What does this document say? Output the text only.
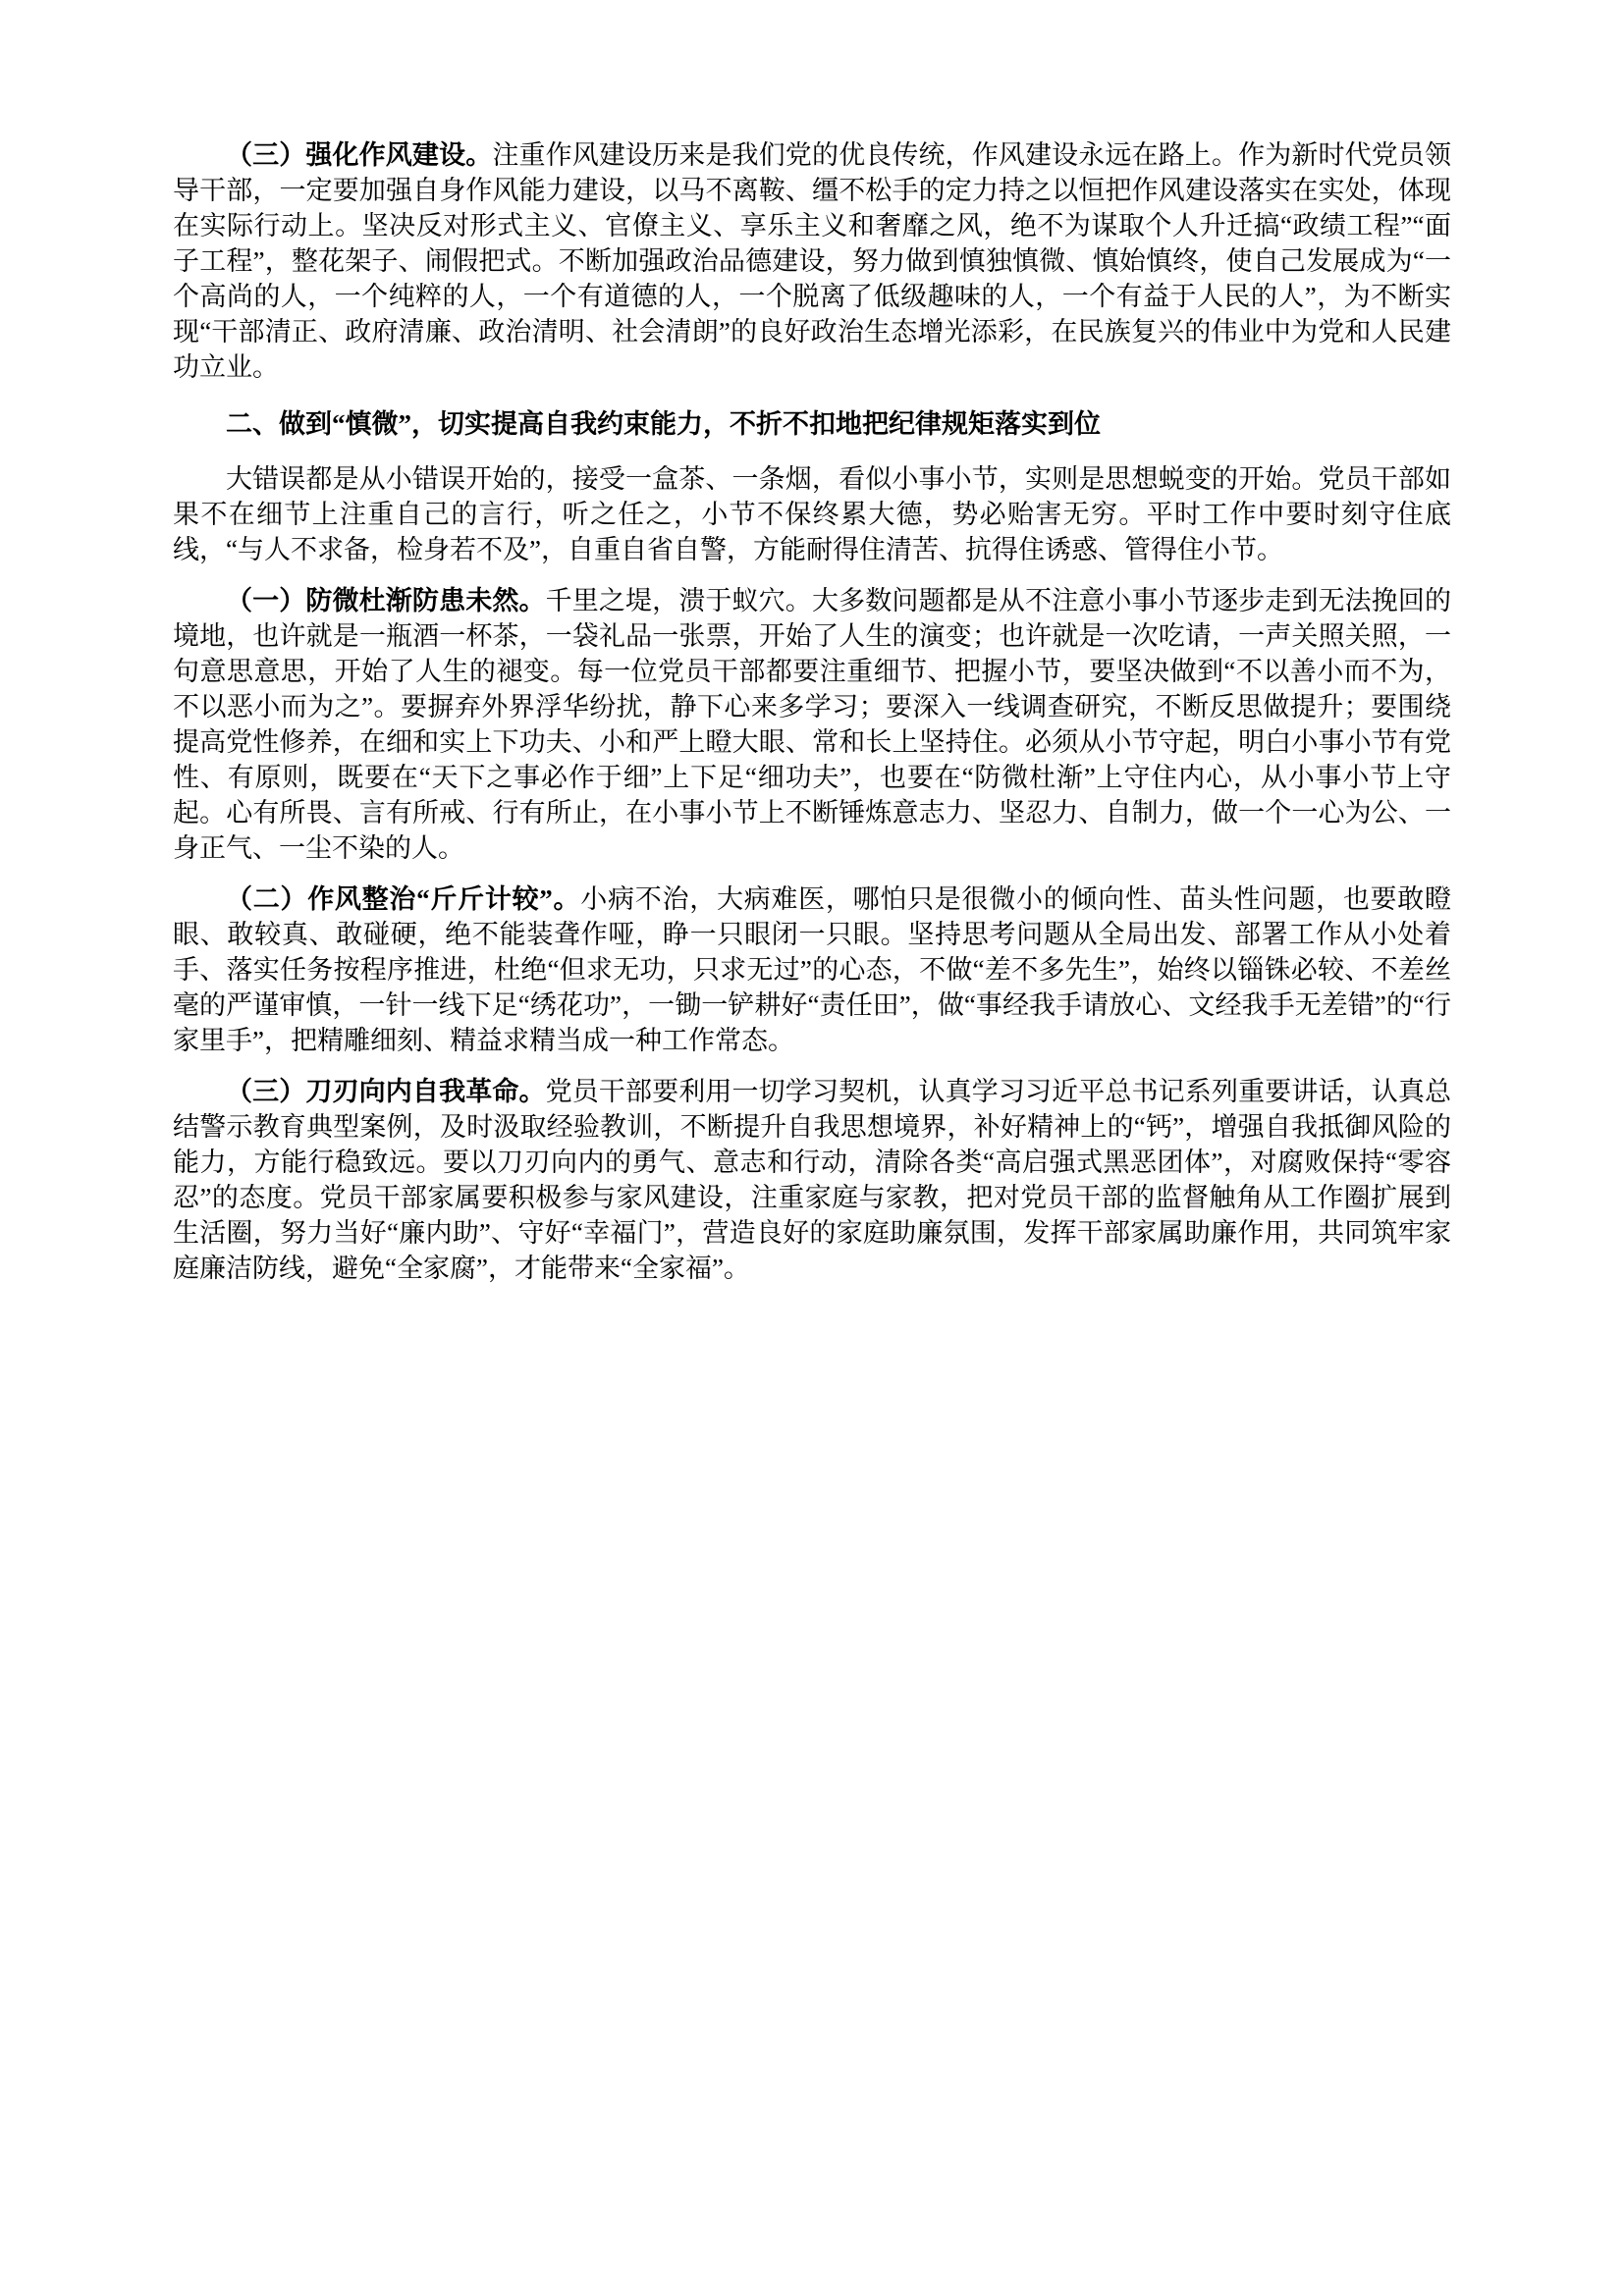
（三）强化作风建设。注重作风建设历来是我们党的优良传统，作风建设永远在路上。作为新时代党员领导干部，一定要加强自身作风能力建设，以马不离鞍、缰不松手的定力持之以恒把作风建设落实在实处，体现在实际行动上。坚决反对形式主义、官僚主义、享乐主义和奢靡之风，绝不为谋取个人升迁搞“政绩工程”“面子工程”，整花架子、闹假把式。不断加强政治品德建设，努力做到慎独慎微、慎始慎终，使自己发展成为“一个高尚的人，一个纯粹的人，一个有道德的人，一个脱离了低级趣味的人，一个有益于人民的人”，为不断实现“干部清正、政府清廉、政治清明、社会清朗”的良好政治生态增光添彩，在民族复兴的伟业中为党和人民建功立业。

二、做到“慎微”，切实提高自我约束能力，不折不扣地把纪律规矩落实到位

大错误都是从小错误开始的，接受一盒茶、一条烟，看似小事小节，实则是思想蜕变的开始。党员干部如果不在细节上注重自己的言行，听之任之，小节不保终累大德，势必贻害无穷。平时工作中要时刻守住底线，“与人不求备，检身若不及”，自重自省自警，方能耐得住清苦、抗得住诱惑、管得住小节。

（一）防微杜渐防患未然。千里之堤，溃于蚁穴。大多数问题都是从不注意小事小节逐步走到无法挽回的境地，也许就是一瓶酒一杯茶，一袋礼品一张票，开始了人生的演变；也许就是一次吃请，一声关照关照，一句意思意思，开始了人生的褪变。每一位党员干部都要注重细节、把握小节，要坚决做到“不以善小而不为，不以恶小而为之”。要摒弃外界浮华纷扰，静下心来多学习；要深入一线调查研究，不断反思做提升；要围绕提高党性修养，在细和实上下功夫、小和严上瞪大眼、常和长上坚持住。必须从小节守起，明白小事小节有党性、有原则，既要在“天下之事必作于细”上下足“细功夫”，也要在“防微杜渐”上守住内心，从小事小节上守起。心有所畏、言有所戒、行有所止，在小事小节上不断锤炼意志力、坚忍力、自制力，做一个一心为公、一身正气、一尘不染的人。

（二）作风整治“斤斤计较”。小病不治，大病难医，哪怕只是很微小的倾向性、苗头性问题，也要敢瞪眼、敢较真、敢碰硬，绝不能装聋作哑，睁一只眼闭一只眼。坚持思考问题从全局出发、部署工作从小处着手、落实任务按程序推进，杜绝“但求无功，只求无过”的心态，不做“差不多先生”，始终以锱铢必较、不差丝毫的严谨审慎，一针一线下足“绣花功”，一锄一铲耕好“责任田”，做“事经我手请放心、文经我手无差错”的“行家里手”，把精雕细刻、精益求精当成一种工作常态。

（三）刀刃向内自我革命。党员干部要利用一切学习契机，认真学习习近平总书记系列重要讲话，认真总结警示教育典型案例，及时汲取经验教训，不断提升自我思想境界，补好精神上的“钙”，增强自我抵御风险的能力，方能行稳致远。要以刀刃向内的勇气、意志和行动，清除各类“高启强式黑恶团体”，对腐败保持“零容忍”的态度。党员干部家属要积极参与家风建设，注重家庭与家教，把对党员干部的监督触角从工作圈扩展到生活圈，努力当好“廉内助”、守好“幸福门”，营造良好的家庭助廉氛围，发挥干部家属助廉作用，共同筑牢家庭廉洁防线，避免“全家腐”，才能带来“全家福”。
